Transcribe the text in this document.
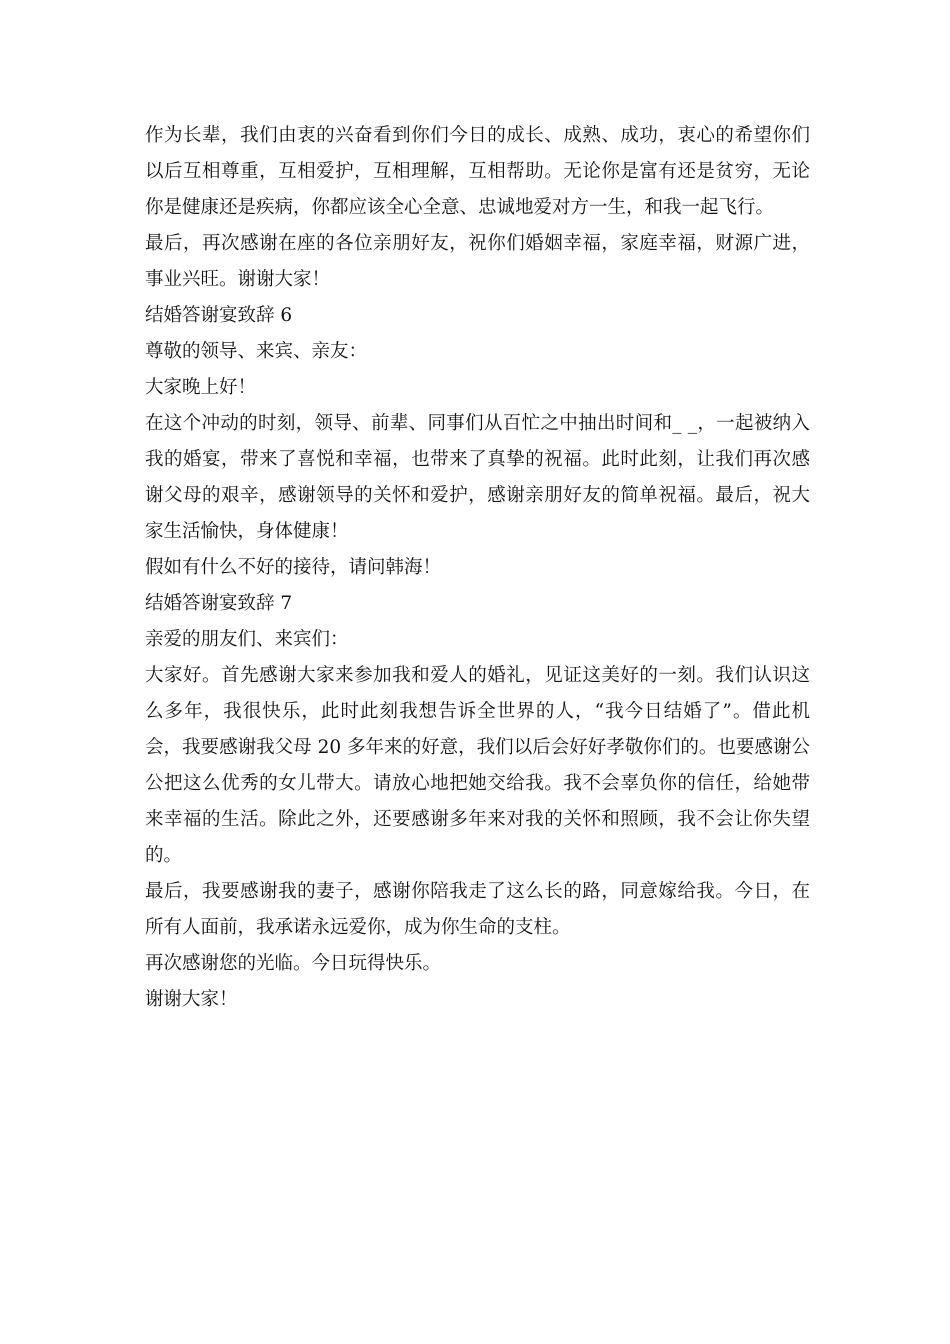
作为长辈，我们由衷的兴奋看到你们今日的成长、成熟、成功，衷心的希望你们以后互相尊重，互相爱护，互相理解，互相帮助。无论你是富有还是贫穷，无论你是健康还是疾病，你都应该全心全意、忠诚地爱对方一生，和我一起飞行。

最后，再次感谢在座的各位亲朋好友，祝你们婚姻幸福，家庭幸福，财源广进，事业兴旺。谢谢大家！

结婚答谢宴致辞 6

尊敬的领导、来宾、亲友：

大家晚上好！

在这个冲动的时刻，领导、前辈、同事们从百忙之中抽出时间和_ _，一起被纳入我的婚宴，带来了喜悦和幸福，也带来了真挚的祝福。此时此刻，让我们再次感谢父母的艰辛，感谢领导的关怀和爱护，感谢亲朋好友的简单祝福。最后，祝大家生活愉快，身体健康！

假如有什么不好的接待，请问韩海！

结婚答谢宴致辞 7

亲爱的朋友们、来宾们：

大家好。首先感谢大家来参加我和爱人的婚礼，见证这美好的一刻。我们认识这么多年，我很快乐，此时此刻我想告诉全世界的人，“我今日结婚了”。借此机会，我要感谢我父母 20 多年来的好意，我们以后会好好孝敬你们的。也要感谢公公把这么优秀的女儿带大。请放心地把她交给我。我不会辜负你的信任，给她带来幸福的生活。除此之外，还要感谢多年来对我的关怀和照顾，我不会让你失望的。

最后，我要感谢我的妻子，感谢你陪我走了这么长的路，同意嫁给我。今日，在所有人面前，我承诺永远爱你，成为你生命的支柱。

再次感谢您的光临。今日玩得快乐。

谢谢大家！
